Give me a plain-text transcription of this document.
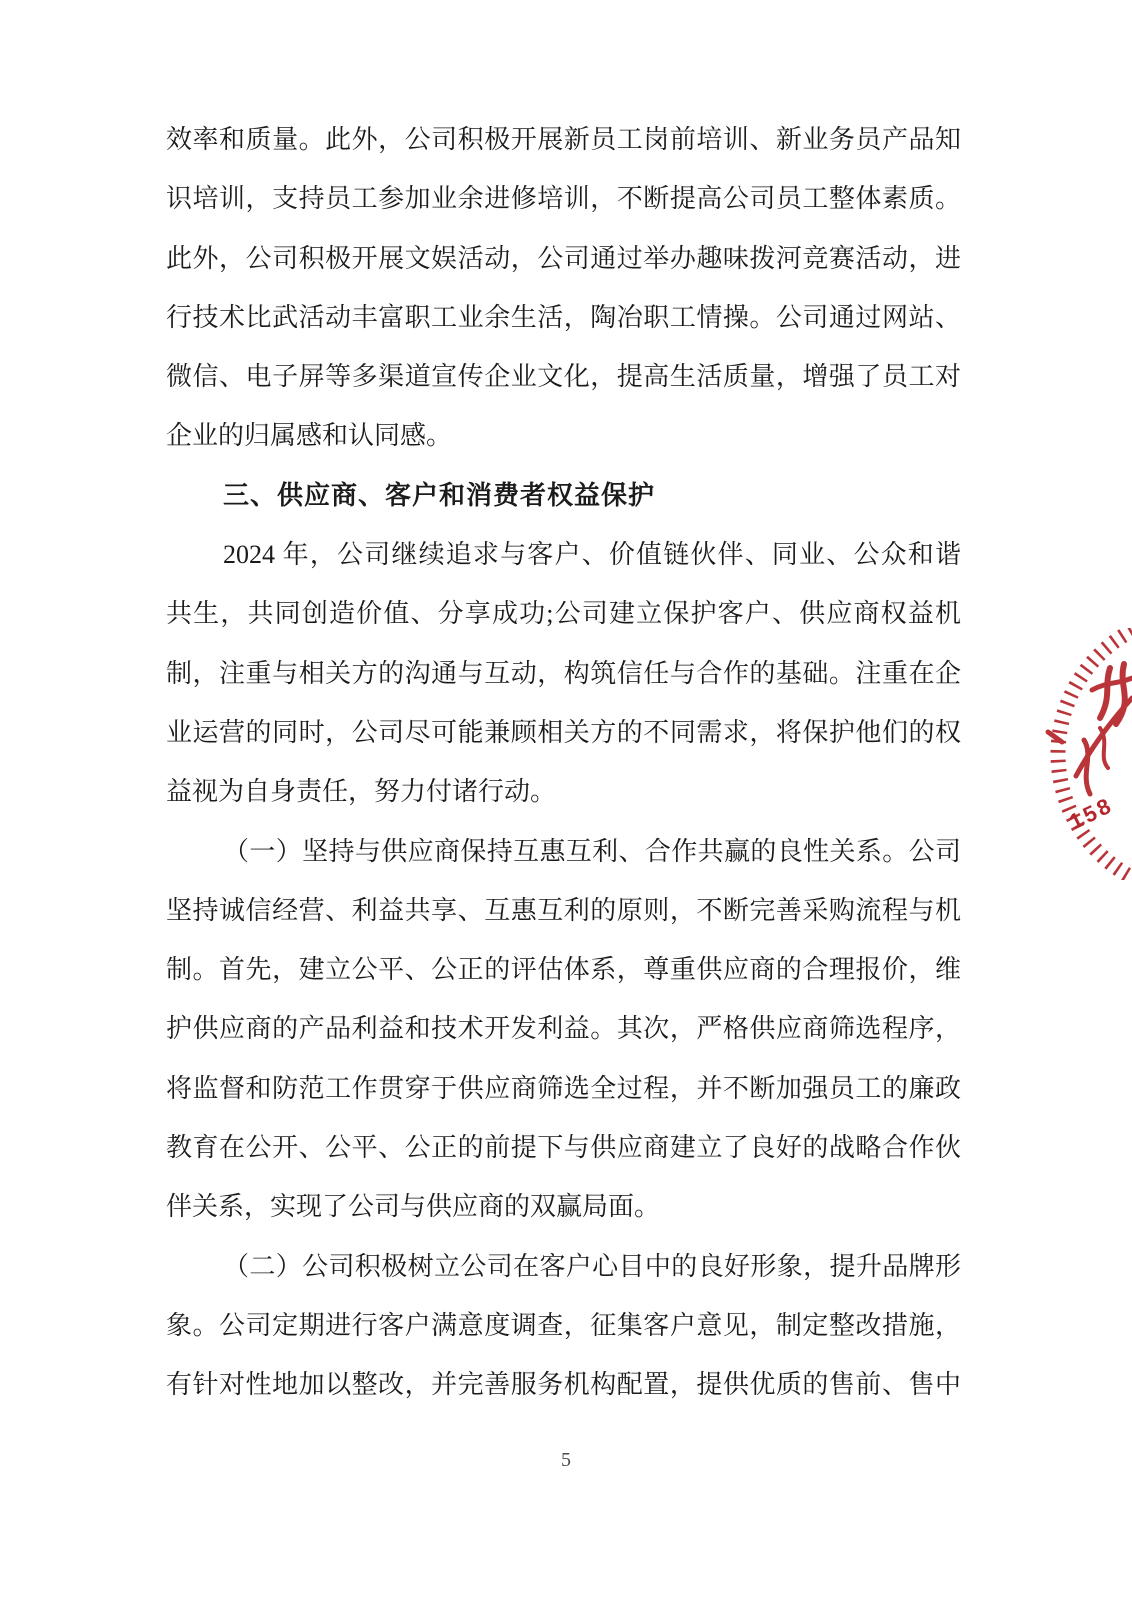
效率和质量。此外，公司积极开展新员工岗前培训、新业务员产品知
识培训，支持员工参加业余进修培训，不断提高公司员工整体素质。
此外，公司积极开展文娱活动，公司通过举办趣味拨河竞赛活动，进
行技术比武活动丰富职工业余生活，陶冶职工情操。公司通过网站、
微信、电子屏等多渠道宣传企业文化，提高生活质量，增强了员工对
企业的归属感和认同感。
三、供应商、客户和消费者权益保护
2024 年，公司继续追求与客户、价值链伙伴、同业、公众和谐
共生，共同创造价值、分享成功;公司建立保护客户、供应商权益机
制，注重与相关方的沟通与互动，构筑信任与合作的基础。注重在企
业运营的同时，公司尽可能兼顾相关方的不同需求，将保护他们的权
益视为自身责任，努力付诸行动。
（一）坚持与供应商保持互惠互利、合作共赢的良性关系。公司
坚持诚信经营、利益共享、互惠互利的原则，不断完善采购流程与机
制。首先，建立公平、公正的评估体系，尊重供应商的合理报价，维
护供应商的产品利益和技术开发利益。其次，严格供应商筛选程序，
将监督和防范工作贯穿于供应商筛选全过程，并不断加强员工的廉政
教育在公开、公平、公正的前提下与供应商建立了良好的战略合作伙
伴关系，实现了公司与供应商的双赢局面。
（二）公司积极树立公司在客户心目中的良好形象，提升品牌形
象。公司定期进行客户满意度调查，征集客户意见，制定整改措施，
有针对性地加以整改，并完善服务机构配置，提供优质的售前、售中
158
5
